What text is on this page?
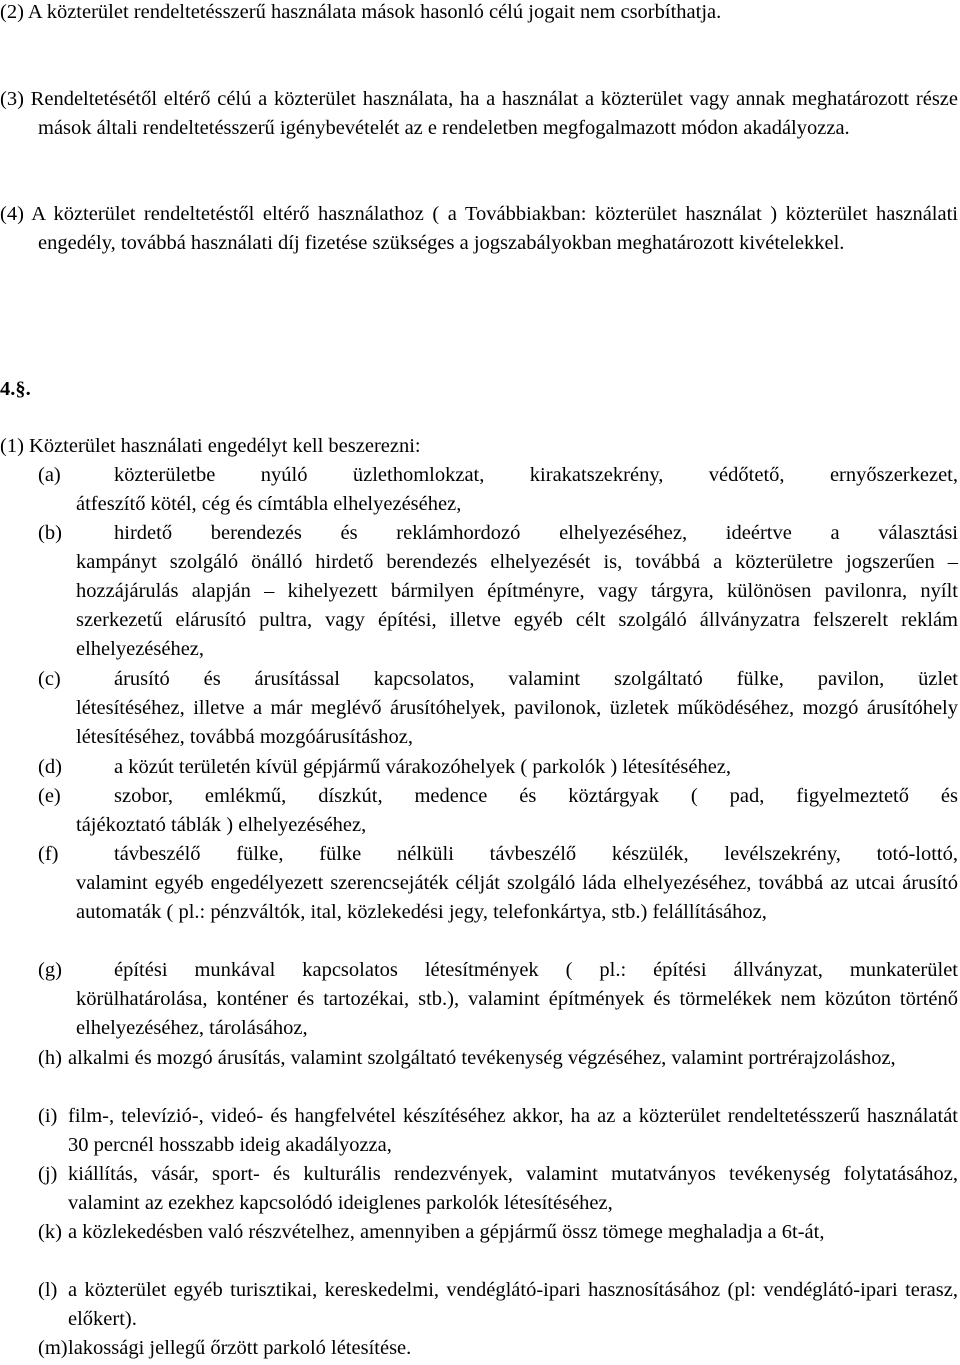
(2) A közterület rendeltetésszerű használata mások hasonló célú jogait nem csorbíthatja.

(3) Rendeltetésétől eltérő célú a közterület használata, ha a használat a közterület vagy annak meghatározott része mások általi rendeltetésszerű igénybevételét az e rendeletben megfogalmazott módon akadályozza.

(4) A közterület rendeltetéstől eltérő használathoz ( a Továbbiakban: közterület használat ) közterület használati engedély, továbbá használati díj fizetése szükséges a jogszabályokban meghatározott kivételekkel.

4.§.

(1) Közterület használati engedélyt kell beszerezni:

(a)	közterületbe nyúló üzlethomlokzat, kirakatszekrény, védőtető, ernyőszerkezet,
átfeszítő kötél, cég és címtábla elhelyezéséhez,
(b)	hirdető berendezés és reklámhordozó elhelyezéséhez, ideértve a választási
kampányt szolgáló önálló hirdető berendezés elhelyezését is, továbbá a közterületre jogszerűen – hozzájárulás alapján – kihelyezett bármilyen építményre, vagy tárgyra, különösen pavilonra, nyílt szerkezetű elárusító pultra, vagy építési, illetve egyéb célt szolgáló állványzatra felszerelt reklám elhelyezéséhez,
(c)	árusító és árusítással kapcsolatos, valamint szolgáltató fülke, pavilon, üzlet
létesítéséhez, illetve a már meglévő árusítóhelyek, pavilonok, üzletek működéséhez, mozgó árusítóhely létesítéséhez, továbbá mozgóárusításhoz,
(d)	a közút területén kívül gépjármű várakozóhelyek ( parkolók ) létesítéséhez,
(e)	szobor, emlékmű, díszkút, medence és köztárgyak ( pad, figyelmeztető és
tájékoztató táblák ) elhelyezéséhez,
(f)	távbeszélő fülke, fülke nélküli távbeszélő készülék, levélszekrény, totó-lottó,
valamint egyéb engedélyezett szerencsejáték célját szolgáló láda elhelyezéséhez, továbbá az utcai árusító automaták ( pl.: pénzváltók, ital, közlekedési jegy, telefonkártya, stb.) felállításához,
(g)	építési munkával kapcsolatos létesítmények ( pl.: építési állványzat, munkaterület
körülhatárolása, konténer és tartozékai, stb.), valamint építmények és törmelékek nem közúton történő elhelyezéséhez, tárolásához,
(h) alkalmi és mozgó árusítás, valamint szolgáltató tevékenység végzéséhez, valamint portrérajzoláshoz,
(i) film-, televízió-, videó- és hangfelvétel készítéséhez akkor, ha az a közterület rendeltetésszerű használatát 30 percnél hosszabb ideig akadályozza,
(j) kiállítás, vásár, sport- és kulturális rendezvények, valamint mutatványos tevékenység folytatásához, valamint az ezekhez kapcsolódó ideiglenes parkolók létesítéséhez,
(k) a közlekedésben való részvételhez, amennyiben a gépjármű össz tömege meghaladja a 6t-át,
(l) a közterület egyéb turisztikai, kereskedelmi, vendéglátó-ipari hasznosításához (pl: vendéglátó-ipari terasz, előkert).
(m) lakossági jellegű őrzött parkoló létesítése.
